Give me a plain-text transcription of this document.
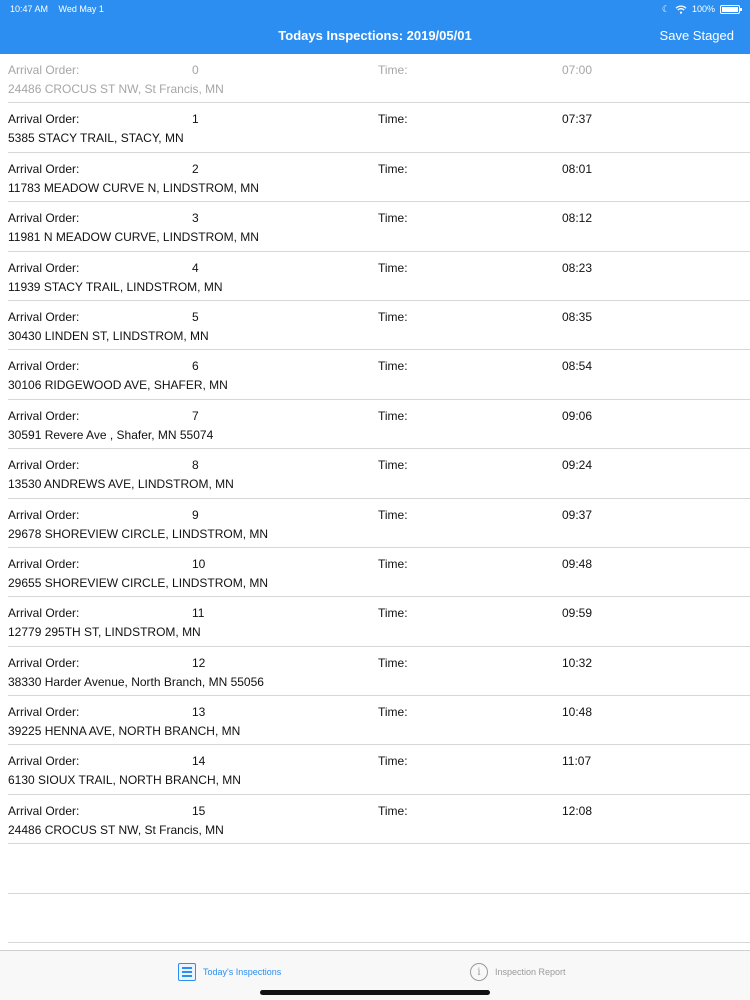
10:47 AM Wed May 1	☾ 100%
Todays Inspections: 2019/05/01	Save Staged
Arrival Order:	0	Time:	07:00
24486 CROCUS ST NW, St Francis, MN
Arrival Order:	1	Time:	07:37
5385 STACY TRAIL, STACY, MN
Arrival Order:	2	Time:	08:01
11783 MEADOW CURVE N, LINDSTROM, MN
Arrival Order:	3	Time:	08:12
11981 N MEADOW CURVE, LINDSTROM, MN
Arrival Order:	4	Time:	08:23
11939 STACY TRAIL, LINDSTROM, MN
Arrival Order:	5	Time:	08:35
30430 LINDEN ST, LINDSTROM, MN
Arrival Order:	6	Time:	08:54
30106 RIDGEWOOD AVE, SHAFER, MN
Arrival Order:	7	Time:	09:06
30591 Revere Ave , Shafer, MN 55074
Arrival Order:	8	Time:	09:24
13530 ANDREWS AVE, LINDSTROM, MN
Arrival Order:	9	Time:	09:37
29678 SHOREVIEW CIRCLE, LINDSTROM, MN
Arrival Order:	10	Time:	09:48
29655 SHOREVIEW CIRCLE, LINDSTROM, MN
Arrival Order:	11	Time:	09:59
12779 295TH ST, LINDSTROM, MN
Arrival Order:	12	Time:	10:32
38330 Harder Avenue, North Branch, MN 55056
Arrival Order:	13	Time:	10:48
39225 HENNA AVE, NORTH BRANCH, MN
Arrival Order:	14	Time:	11:07
6130 SIOUX TRAIL, NORTH BRANCH, MN
Arrival Order:	15	Time:	12:08
24486 CROCUS ST NW, St Francis, MN
Today's Inspections	i	Inspection Report
